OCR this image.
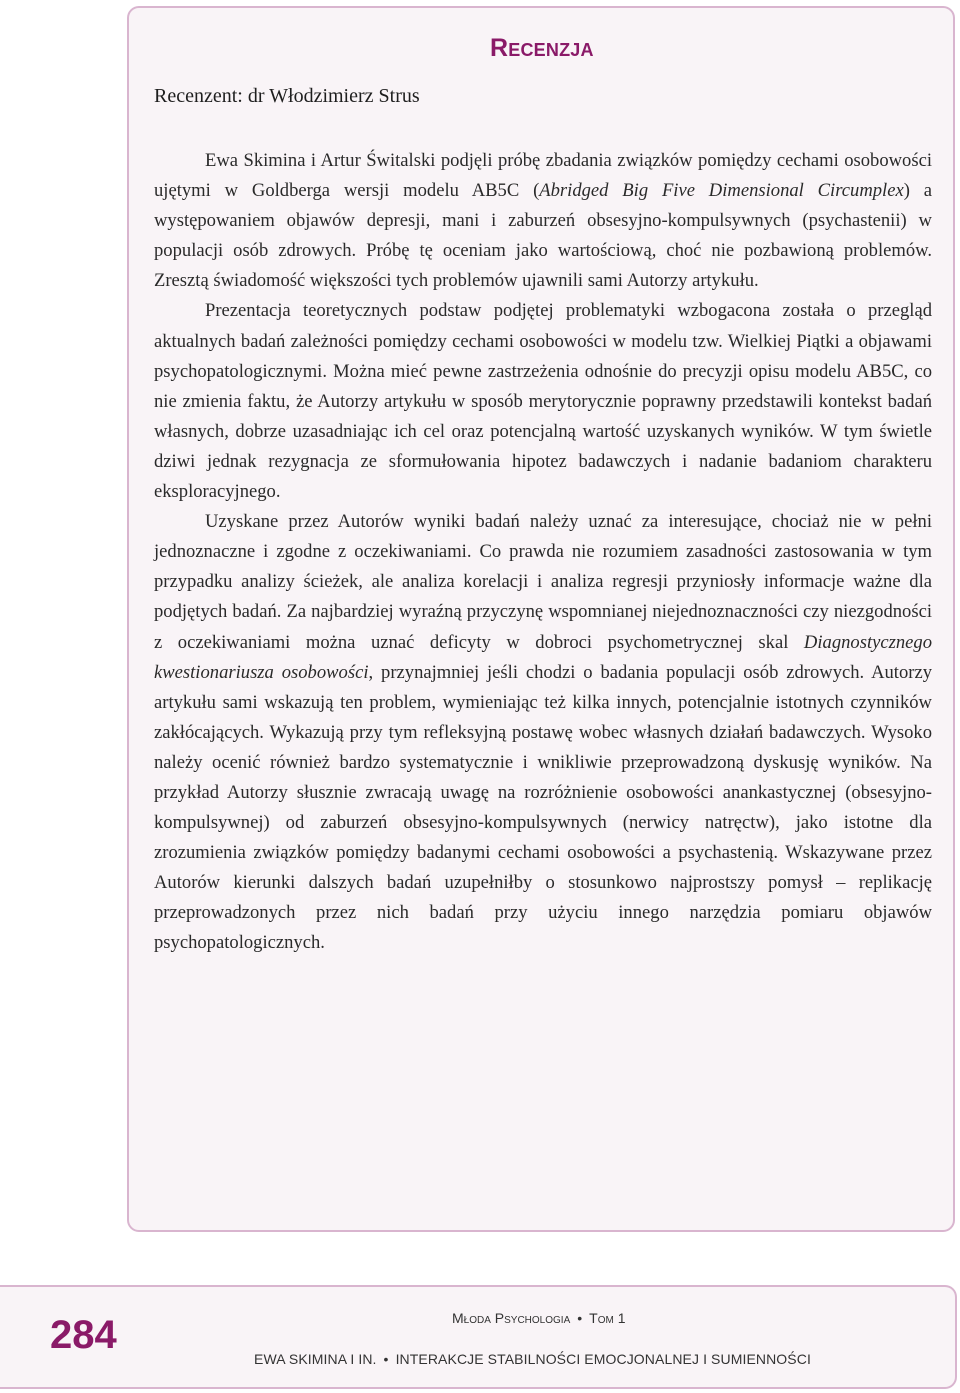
Recenzja
Recenzent: dr Włodzimierz Strus

Ewa Skimina i Artur Świtalski podjęli próbę zbadania związków pomiędzy cechami osobowości ujętymi w Goldberga wersji modelu AB5C (Abridged Big Five Dimensional Circumplex) a występowaniem objawów depresji, mani i zaburzeń obsesyjno-kompulsywnych (psychastenii) w populacji osób zdrowych. Próbę tę oceniam jako wartościową, choć nie pozbawioną problemów. Zresztą świadomość większości tych problemów ujawnili sami Autorzy artykułu.

Prezentacja teoretycznych podstaw podjętej problematyki wzbogacona została o przegląd aktualnych badań zależności pomiędzy cechami osobowości w modelu tzw. Wielkiej Piątki a objawami psychopatologicznymi. Można mieć pewne zastrzeżenia odnośnie do precyzji opisu modelu AB5C, co nie zmienia faktu, że Autorzy artykułu w sposób merytorycznie poprawny przedstawili kontekst badań własnych, dobrze uzasadniając ich cel oraz potencjalną wartość uzyskanych wyników. W tym świetle dziwi jednak rezygnacja ze sformułowania hipotez badawczych i nadanie badaniom charakteru eksploracyjnego.

Uzyskane przez Autorów wyniki badań należy uznać za interesujące, chociaż nie w pełni jednoznaczne i zgodne z oczekiwaniami. Co prawda nie rozumiem zasadności zastosowania w tym przypadku analizy ścieżek, ale analiza korelacji i analiza regresji przyniosły informacje ważne dla podjętych badań. Za najbardziej wyraźną przyczynę wspomnianej niejednoznaczności czy niezgodności z oczekiwaniami można uznać deficyty w dobroci psychometrycznej skal Diagnostycznego kwestionariusza osobowości, przynajmniej jeśli chodzi o badania populacji osób zdrowych. Autorzy artykułu sami wskazują ten problem, wymieniając też kilka innych, potencjalnie istotnych czynników zakłócających. Wykazują przy tym refleksyjną postawę wobec własnych działań badawczych. Wysoko należy ocenić również bardzo systematycznie i wnikliwie przeprowadzoną dyskusję wyników. Na przykład Autorzy słusznie zwracają uwagę na rozróżnienie osobowości anankastycznej (obsesyjno-kompulsywnej) od zaburzeń obsesyjno-kompulsywnych (nerwicy natręctw), jako istotne dla zrozumienia związków pomiędzy badanymi cechami osobowości a psychastenią. Wskazywane przez Autorów kierunki dalszych badań uzupełniłby o stosunkowo najprostszy pomysł – replikację przeprowadzonych przez nich badań przy użyciu innego narzędzia pomiaru objawów psychopatologicznych.

284	Młoda Psychologia • Tom 1
EWA SKIMINA I IN. • INTERAKCJE STABILNOŚCI EMOCJONALNEJ I SUMIENNOŚCI
